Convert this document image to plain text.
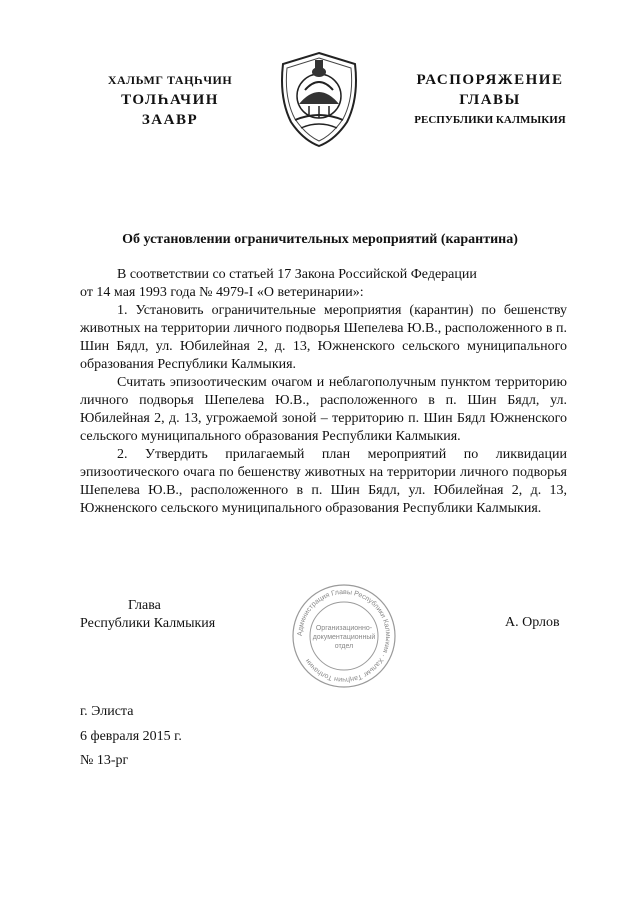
ХАЛЬМГ ТАҢҺЧИН
ТОЛҺАЧИН
ЗААВР
РАСПОРЯЖЕНИЕ
ГЛАВЫ
РЕСПУБЛИКИ КАЛМЫКИЯ
Об установлении ограничительных мероприятий (карантина)

В соответствии со статьей 17 Закона Российской Федерации

от 14 мая 1993 года № 4979-I «О ветеринарии»:

1. Установить ограничительные мероприятия (карантин) по бешенству животных на территории личного подворья Шепелева Ю.В., расположенного в п. Шин Бядл, ул. Юбилейная 2, д. 13, Южненского сельского муниципального образования Республики Калмыкия.

Считать эпизоотическим очагом и неблагополучным пунктом территорию личного подворья Шепелева Ю.В., расположенного в п. Шин Бядл, ул. Юбилейная 2, д. 13, угрожаемой зоной – территорию п. Шин Бядл Южненского сельского муниципального образования Республики Калмыкия.

2. Утвердить прилагаемый план мероприятий по ликвидации эпизоотического очага по бешенству животных на территории личного подворья Шепелева Ю.В., расположенного в п. Шин Бядл, ул. Юбилейная 2, д. 13, Южненского сельского муниципального образования Республики Калмыкия.

Глава
Республики Калмыкия
Администрация Главы Республики Калмыкия · Хальмг Таңһчин Толһачин
Организационно-
документационный
отдел
А. Орлов
г. Элиста
6 февраля 2015 г.
№ 13-рг
